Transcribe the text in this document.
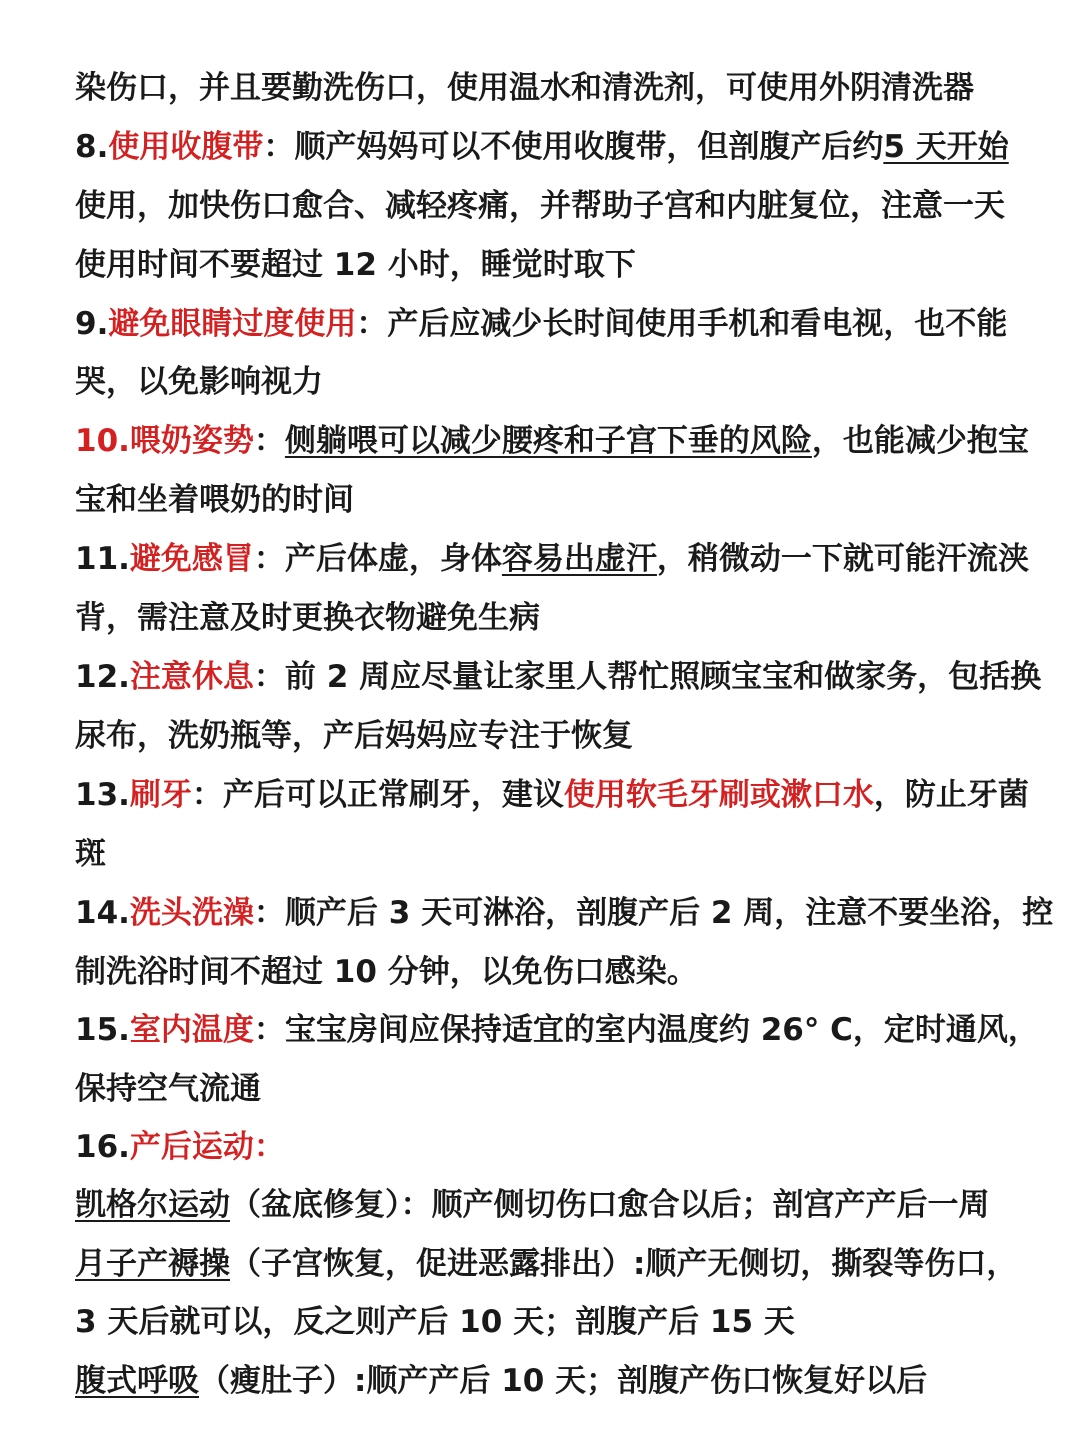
染伤口，并且要勤洗伤口，使用温水和清洗剂，可使用外阴清洗器
8.使用收腹带：顺产妈妈可以不使用收腹带，但剖腹产后约5 天开始
使用，加快伤口愈合、减轻疼痛，并帮助子宫和内脏复位，注意一天
使用时间不要超过 12 小时，睡觉时取下
9.避免眼睛过度使用：产后应减少长时间使用手机和看电视，也不能
哭，以免影响视力
10.喂奶姿势：侧躺喂可以减少腰疼和子宫下垂的风险，也能减少抱宝
宝和坐着喂奶的时间
11.避免感冒：产后体虚，身体容易出虚汗，稍微动一下就可能汗流浃
背，需注意及时更换衣物避免生病
12.注意休息：前 2 周应尽量让家里人帮忙照顾宝宝和做家务，包括换
尿布，洗奶瓶等，产后妈妈应专注于恢复
13.刷牙：产后可以正常刷牙，建议使用软毛牙刷或漱口水，防止牙菌
斑
14.洗头洗澡：顺产后 3 天可淋浴，剖腹产后 2 周，注意不要坐浴，控
制洗浴时间不超过 10 分钟，以免伤口感染。
15.室内温度：宝宝房间应保持适宜的室内温度约 26° C，定时通风，
保持空气流通
16.产后运动：
凯格尔运动（盆底修复）：顺产侧切伤口愈合以后；剖宫产产后一周
月子产褥操（子宫恢复，促进恶露排出）:顺产无侧切，撕裂等伤口，
3 天后就可以，反之则产后 10 天；剖腹产后 15 天
腹式呼吸（瘦肚子）:顺产产后 10 天；剖腹产伤口恢复好以后
